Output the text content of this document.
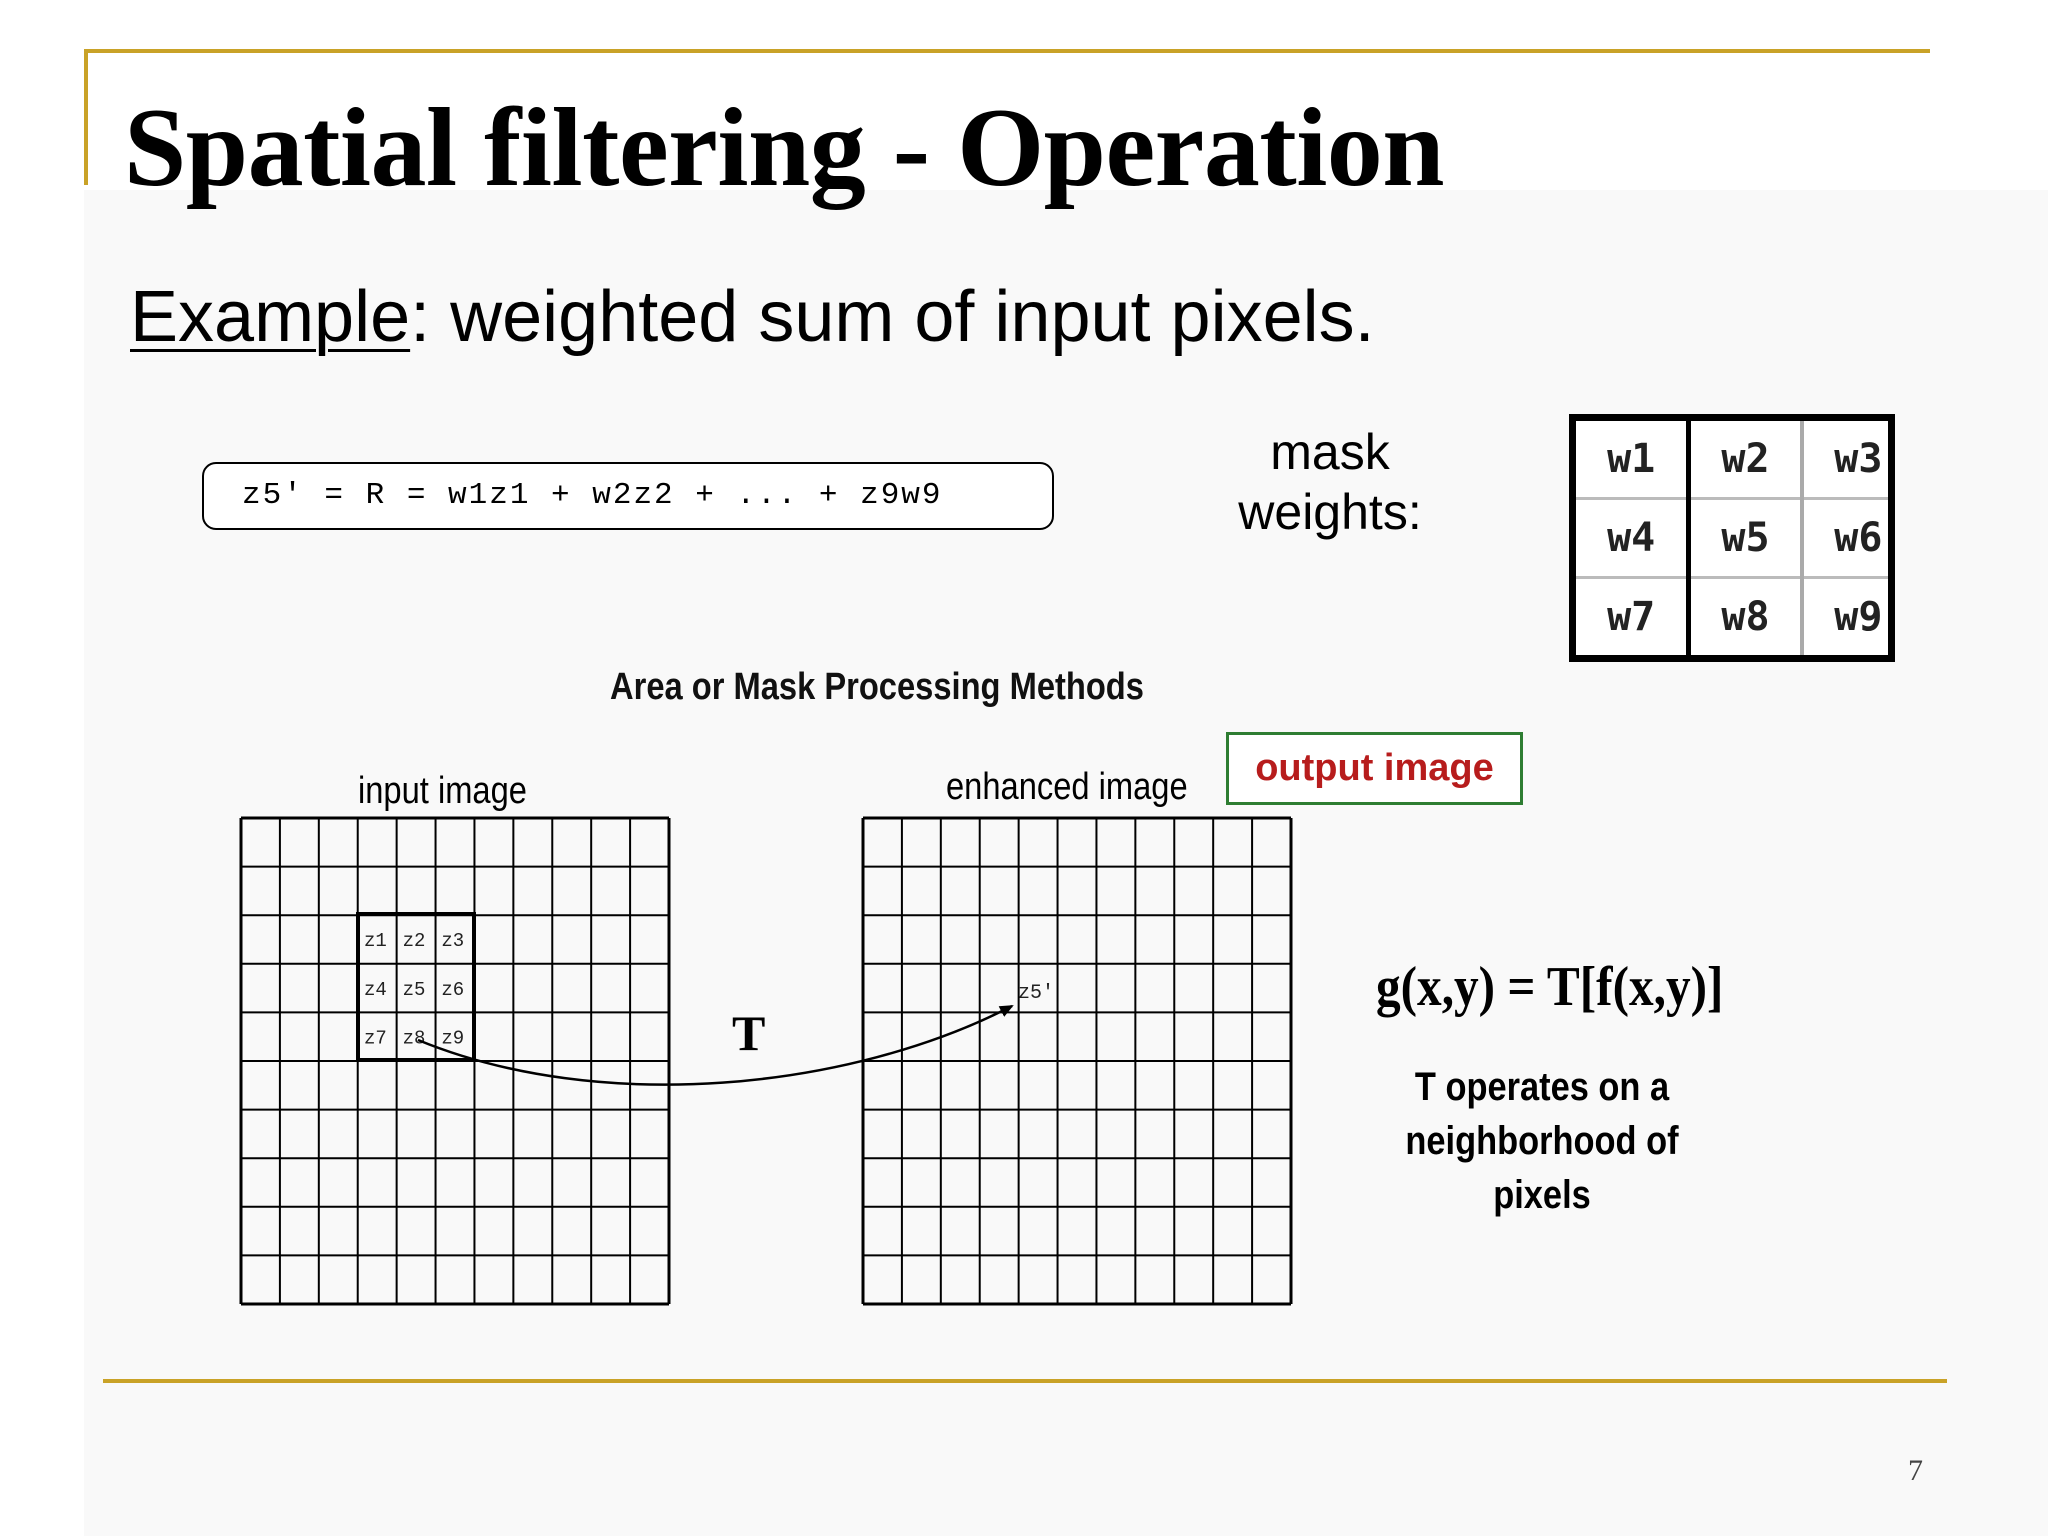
Spatial filtering - Operation
Example: weighted sum of input pixels.
z5' = R = w1z1 + w2z2 + ... + z9w9
mask
weights:
w1	w2	w3
w4	w5	w6
w7	w8	w9
Area or Mask Processing Methods
input image	enhanced image	output image
z1 z2 z3
z4 z5 z6
z7 z8 z9
z5'
T
g(x,y) = T[f(x,y)]
T operates on a
neighborhood of pixels
7
